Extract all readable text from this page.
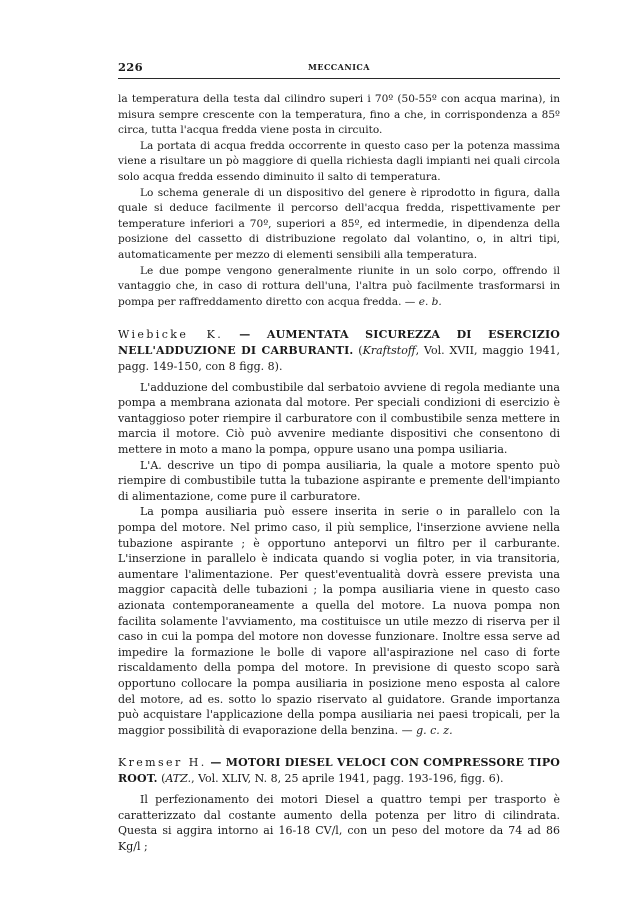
226	MECCANICA

la temperatura della testa dal cilindro superi i 70º (50-55º con acqua marina), in misura sempre crescente con la temperatura, fino a che, in corrispondenza a 85º circa, tutta l'acqua fredda viene posta in circuito.

La portata di acqua fredda occorrente in questo caso per la potenza massima viene a risultare un pò maggiore di quella richiesta dagli impianti nei quali circola solo acqua fredda essendo diminuito il salto di temperatura.

Lo schema generale di un dispositivo del genere è riprodotto in figura, dalla quale si deduce facilmente il percorso dell'acqua fredda, rispettivamente per temperature inferiori a 70º, superiori a 85º, ed intermedie, in dipendenza della posizione del cassetto di distribuzione regolato dal volantino, o, in altri tipi, automaticamente per mezzo di elementi sensibili alla temperatura.

Le due pompe vengono generalmente riunite in un solo corpo, offrendo il vantaggio che, in caso di rottura dell'una, l'altra può facilmente trasformarsi in pompa per raffreddamento diretto con acqua fredda. — e. b.

Wiebicke K. — AUMENTATA SICUREZZA DI ESERCIZIO NELL'ADDUZIONE DI CARBURANTI. (Kraftstoff, Vol. XVII, maggio 1941, pagg. 149-150, con 8 figg. 8).

L'adduzione del combustibile dal serbatoio avviene di regola mediante una pompa a membrana azionata dal motore. Per speciali condizioni di esercizio è vantaggioso poter riempire il carburatore con il combustibile senza mettere in marcia il motore. Ciò può avvenire mediante dispositivi che consentono di mettere in moto a mano la pompa, oppure usano una pompa usiliaria.

L'A. descrive un tipo di pompa ausiliaria, la quale a motore spento può riempire di combustibile tutta la tubazione aspirante e premente dell'impianto di alimentazione, come pure il carburatore.

La pompa ausiliaria può essere inserita in serie o in parallelo con la pompa del motore. Nel primo caso, il più semplice, l'inserzione avviene nella tubazione aspirante ; è opportuno anteporvi un filtro per il carburante. L'inserzione in parallelo è indicata quando si voglia poter, in via transitoria, aumentare l'alimentazione. Per quest'eventualità dovrà essere prevista una maggior capacità delle tubazioni ; la pompa ausiliaria viene in questo caso azionata contemporaneamente a quella del motore. La nuova pompa non facilita solamente l'avviamento, ma costituisce un utile mezzo di riserva per il caso in cui la pompa del motore non dovesse funzionare. Inoltre essa serve ad impedire la formazione le bolle di vapore all'aspirazione nel caso di forte riscaldamento della pompa del motore. In previsione di questo scopo sarà opportuno collocare la pompa ausiliaria in posizione meno esposta al calore del motore, ad es. sotto lo spazio riservato al guidatore. Grande importanza può acquistare l'applicazione della pompa ausiliaria nei paesi tropicali, per la maggior possibilità di evaporazione della benzina. — g. c. z.

Kremser H. — MOTORI DIESEL VELOCI CON COMPRESSORE TIPO ROOT. (ATZ., Vol. XLIV, N. 8, 25 aprile 1941, pagg. 193-196, figg. 6).

Il perfezionamento dei motori Diesel a quattro tempi per trasporto è caratterizzato dal costante aumento della potenza per litro di cilindrata. Questa si aggira intorno ai 16-18 CV/l, con un peso del motore da 74 ad 86 Kg/l ;
